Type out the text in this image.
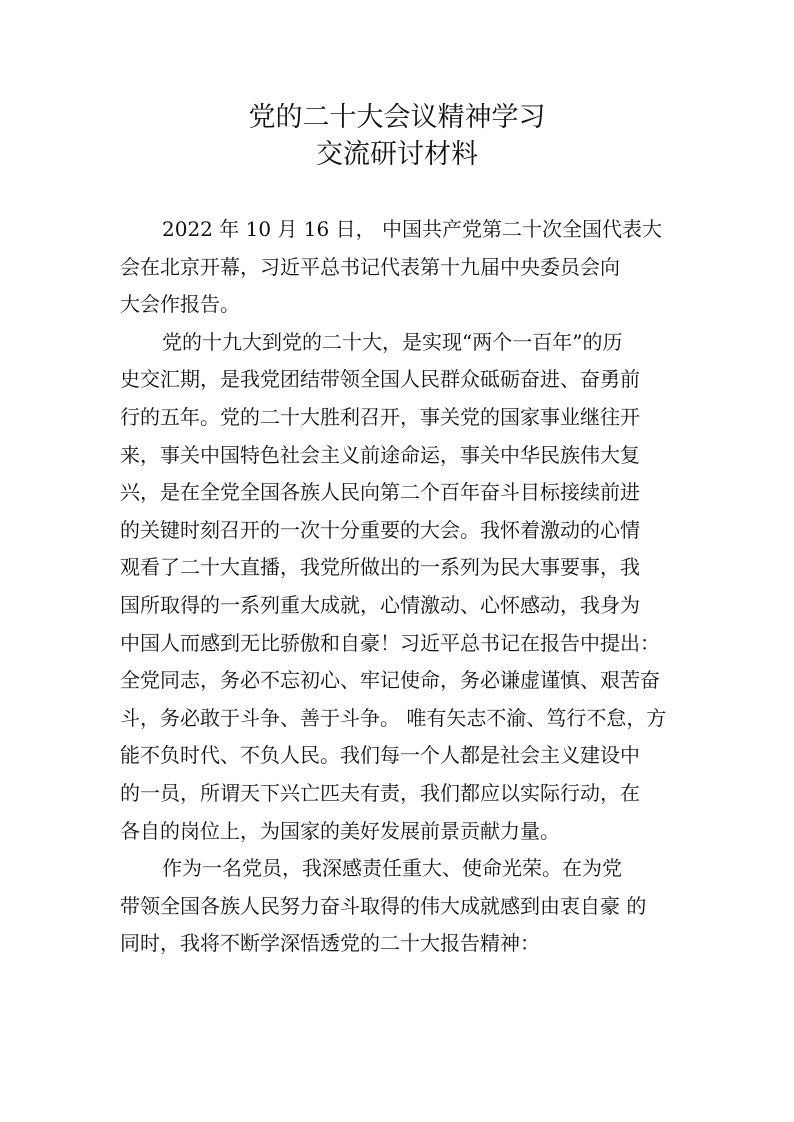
党的二十大会议精神学习
交流研讨材料
2022 年 10 月 16 日， 中国共产党第二十次全国代表大
会在北京开幕，习近平总书记代表第十九届中央委员会向
大会作报告。
党的十九大到党的二十大，是实现“两个一百年”的历
史交汇期，是我党团结带领全国人民群众砥砺奋进、奋勇前
行的五年。党的二十大胜利召开，事关党的国家事业继往开
来，事关中国特色社会主义前途命运，事关中华民族伟大复
兴，是在全党全国各族人民向第二个百年奋斗目标接续前进
的关键时刻召开的一次十分重要的大会。我怀着激动的心情
观看了二十大直播，我党所做出的一系列为民大事要事，我
国所取得的一系列重大成就，心情激动、心怀感动，我身为
中国人而感到无比骄傲和自豪！习近平总书记在报告中提出：
全党同志，务必不忘初心、牢记使命，务必谦虚谨慎、艰苦奋
斗，务必敢于斗争、善于斗争。 唯有矢志不渝、笃行不怠，方
能不负时代、不负人民。我们每一个人都是社会主义建设中
的一员，所谓天下兴亡匹夫有责，我们都应以实际行动，在
各自的岗位上，为国家的美好发展前景贡献力量。
作为一名党员，我深感责任重大、使命光荣。在为党
带领全国各族人民努力奋斗取得的伟大成就感到由衷自豪 的
同时，我将不断学深悟透党的二十大报告精神：
